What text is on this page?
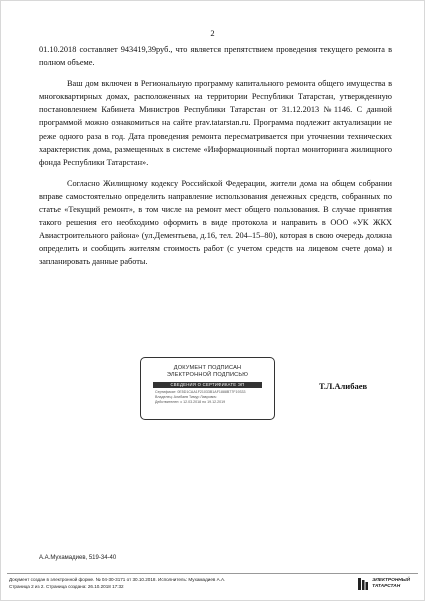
2

01.10.2018 составляет 943419,39руб., что является препятствием проведения текущего ремонта в полном объеме.

Ваш дом включен в Региональную программу капитального ремонта общего имущества в многоквартирных домах, расположенных на территории Республики Татарстан, утвержденную постановлением Кабинета Министров Республики Татарстан от 31.12.2013 №1146. С данной программой можно ознакомиться на сайте prav.tatarstan.ru. Программа подлежит актуализации не реже одного раза в год. Дата проведения ремонта пересматривается при уточнении технических характеристик дома, размещенных в системе «Информационный портал мониторинга жилищного фонда Республики Татарстан».

Согласно Жилищному кодексу Российской Федерации, жители дома на общем собрании вправе самостоятельно определить направление использования денежных средств, собранных по статье «Текущий ремонт», в том числе на ремонт мест общего пользования. В случае принятия такого решения его необходимо оформить в виде протокола и направить в ООО «УК ЖКХ Авиастроительного района» (ул.Дементьева, д.16, тел. 204–15–80), которая в свою очередь должна определить и сообщить жителям стоимость работ (с учетом средств на лицевом счете дома) и запланировать данные работы.

ДОКУМЕНТ ПОДПИСАН
ЭЛЕКТРОННОЙ ПОДПИСЬЮ
СВЕДЕНИЯ О СЕРТИФИКАТЕ ЭП
Сертификат: 0E5D1CAA1F21033B1AF1888B77F19333
Владелец: Алибаев Тимур Лаврович
Действителен: с 12.03.2018 по 19.12.2019
Т.Л.Алибаев
А.А.Мухамадиев, 519-34-40
Документ создан в электронной форме. № 04-30-3171 от 30.10.2018. Исполнитель: Мухамадиев А.А.
Страница 2 из 2. Страница создана: 26.10.2018 17:32
ЭЛЕКТРОННЫЙ
ТАТАРСТАН
